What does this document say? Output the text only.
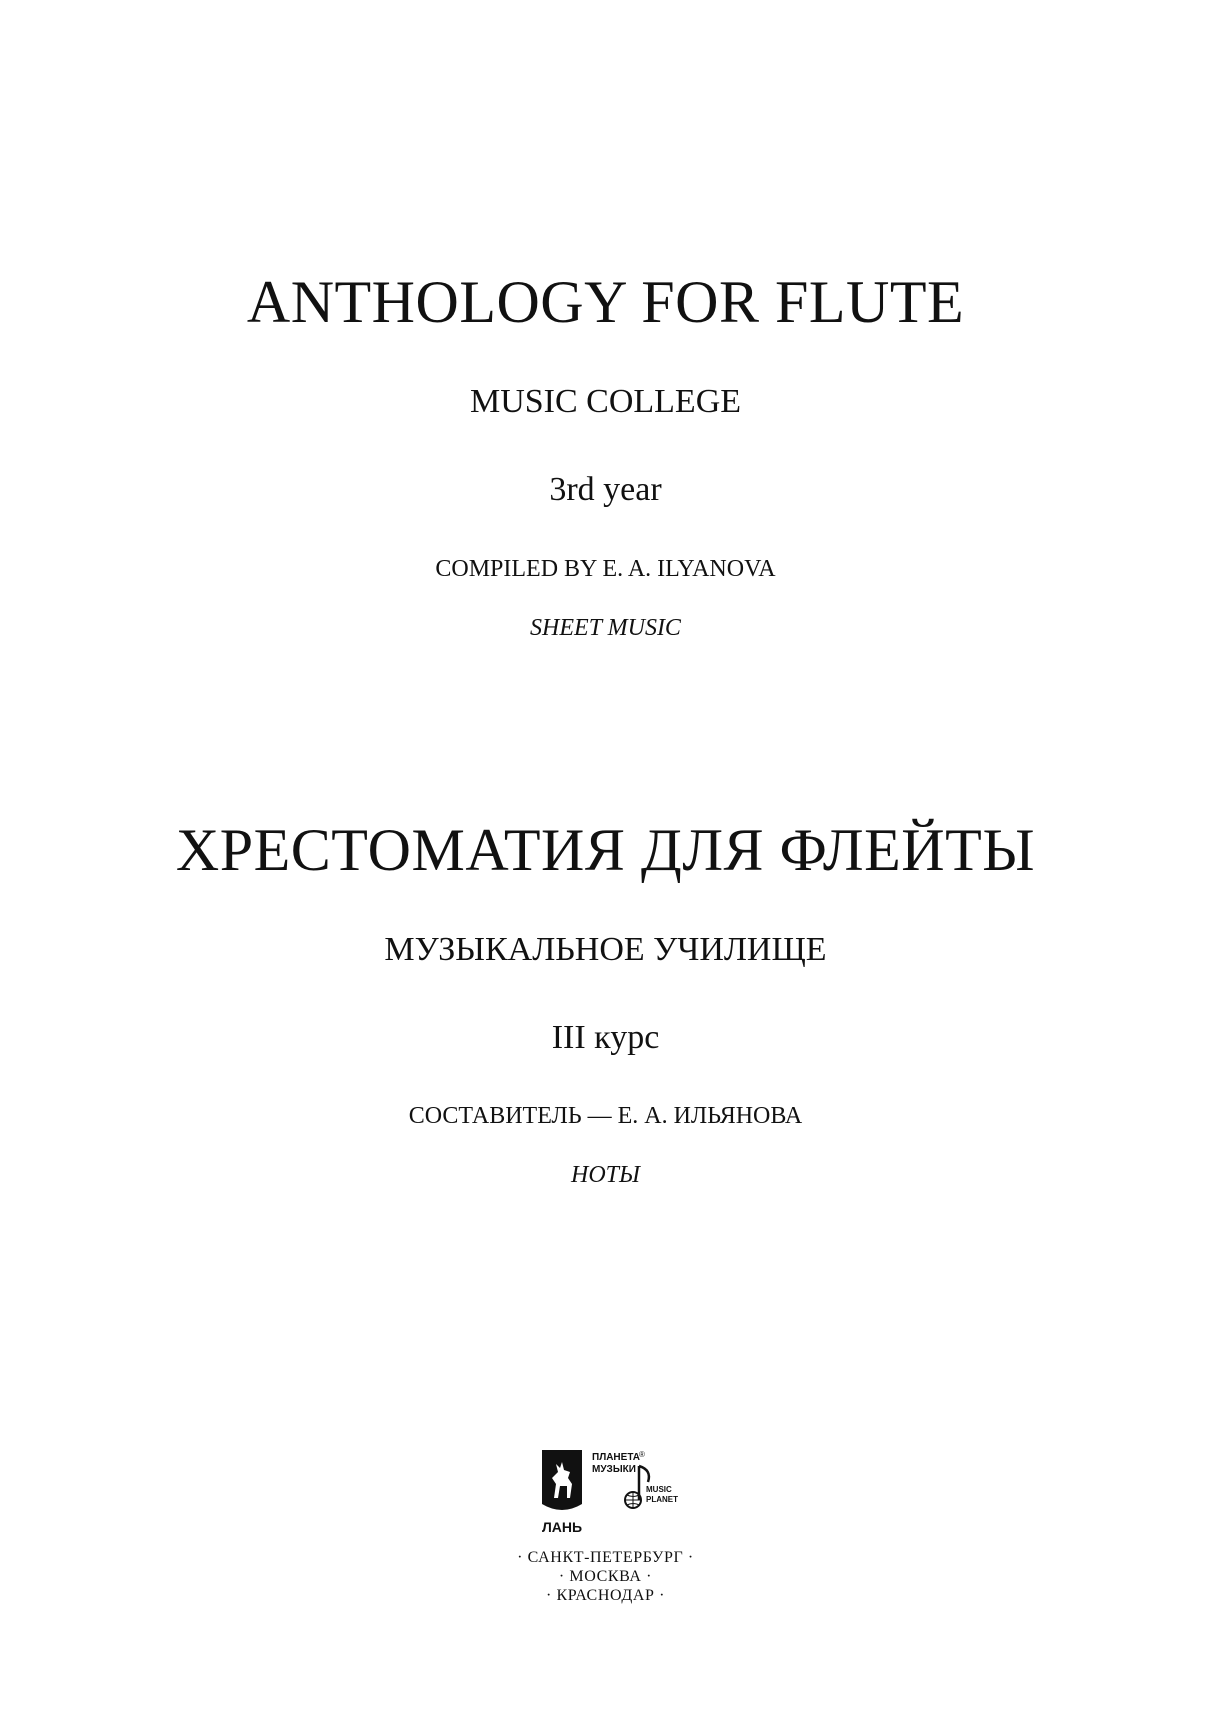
ANTHOLOGY FOR FLUTE
MUSIC COLLEGE
3rd year
COMPILED BY E. A. ILYANOVA
SHEET MUSIC
ХРЕСТОМАТИЯ ДЛЯ ФЛЕЙТЫ
МУЗЫКАЛЬНОЕ УЧИЛИЩЕ
III курс
СОСТАВИТЕЛЬ — Е. А. ИЛЬЯНОВА
НОТЫ
ЛАНЬ
ПЛАНЕТА
®
МУЗЫКИ
MUSIC
PLANET
· САНКТ-ПЕТЕРБУРГ ·
· МОСКВА ·
· КРАСНОДАР ·
